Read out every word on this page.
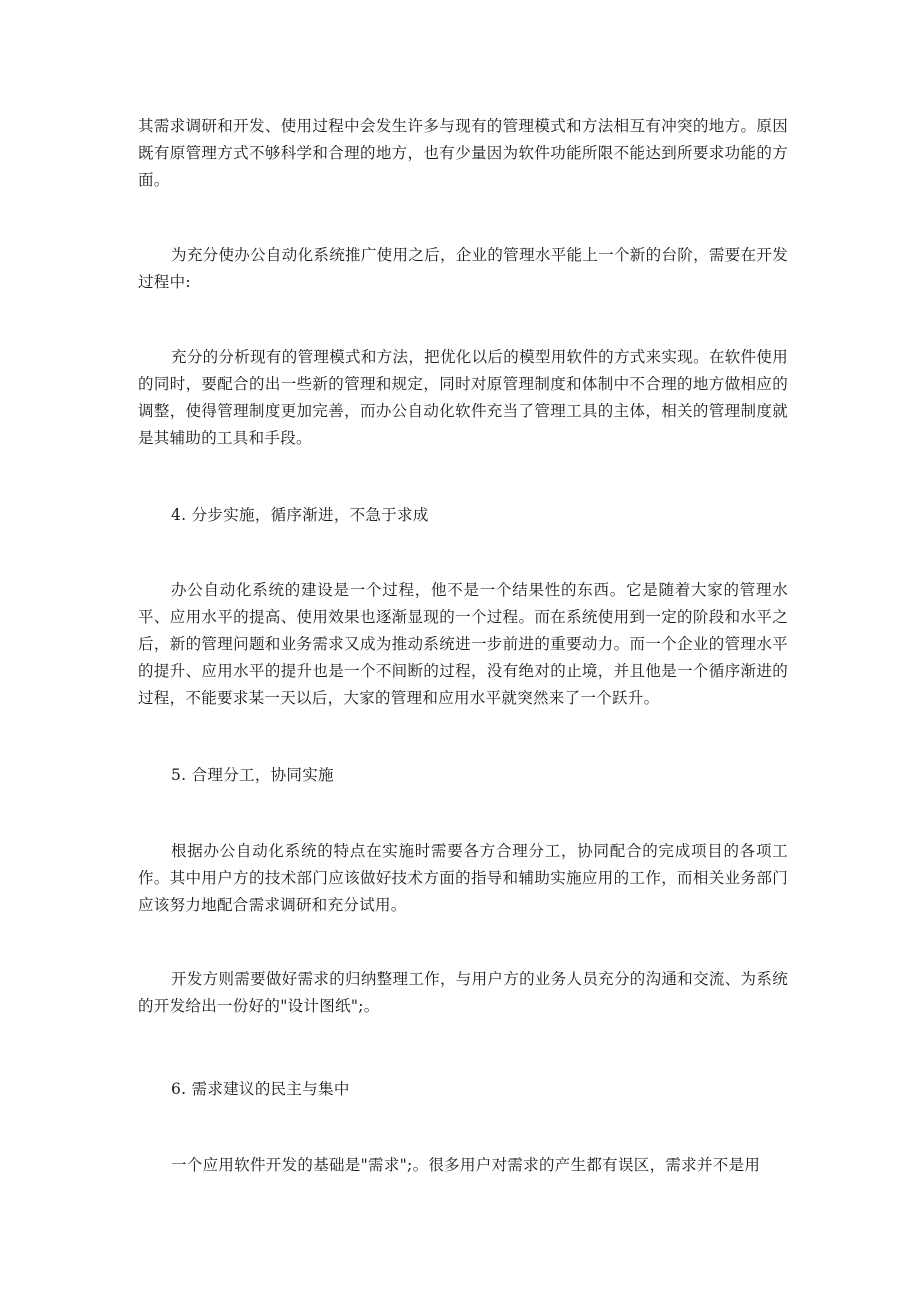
其需求调研和开发、使用过程中会发生许多与现有的管理模式和方法相互有冲突的地方。原因既有原管理方式不够科学和合理的地方，也有少量因为软件功能所限不能达到所要求功能的方面。

为充分使办公自动化系统推广使用之后，企业的管理水平能上一个新的台阶，需要在开发过程中:

充分的分析现有的管理模式和方法，把优化以后的模型用软件的方式来实现。在软件使用的同时，要配合的出一些新的管理和规定，同时对原管理制度和体制中不合理的地方做相应的调整，使得管理制度更加完善，而办公自动化软件充当了管理工具的主体，相关的管理制度就是其辅助的工具和手段。

4. 分步实施，循序渐进，不急于求成

办公自动化系统的建设是一个过程，他不是一个结果性的东西。它是随着大家的管理水平、应用水平的提高、使用效果也逐渐显现的一个过程。而在系统使用到一定的阶段和水平之后，新的管理问题和业务需求又成为推动系统进一步前进的重要动力。而一个企业的管理水平的提升、应用水平的提升也是一个不间断的过程，没有绝对的止境，并且他是一个循序渐进的过程，不能要求某一天以后，大家的管理和应用水平就突然来了一个跃升。

5. 合理分工，协同实施

根据办公自动化系统的特点在实施时需要各方合理分工，协同配合的完成项目的各项工作。其中用户方的技术部门应该做好技术方面的指导和辅助实施应用的工作，而相关业务部门应该努力地配合需求调研和充分试用。

开发方则需要做好需求的归纳整理工作，与用户方的业务人员充分的沟通和交流、为系统的开发给出一份好的"设计图纸";。

6. 需求建议的民主与集中

一个应用软件开发的基础是"需求";。很多用户对需求的产生都有误区，需求并不是用
